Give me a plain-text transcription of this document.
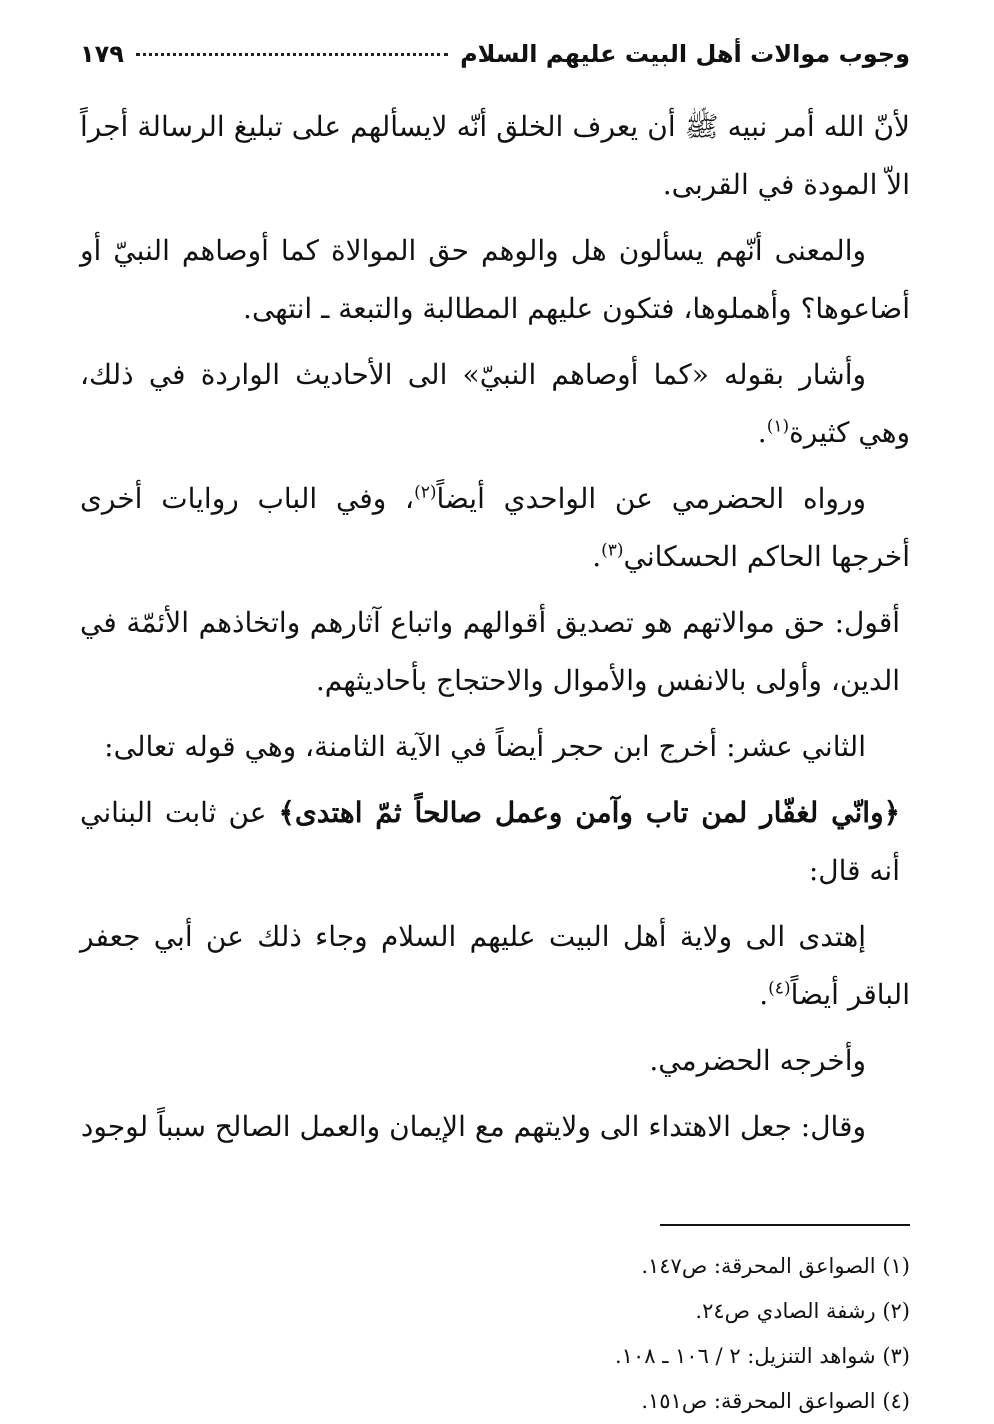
وجوب موالات أهل البيت عليهم السلام
١٧٩

لأنّ الله أمر نبيه ﷺ أن يعرف الخلق أنّه لايسألهم على تبليغ الرسالة أجراً الاّ المودة في القربى.

والمعنى أنّهم يسألون هل والوهم حق الموالاة كما أوصاهم النبيّ أو أضاعوها؟ وأهملوها، فتكون عليهم المطالبة والتبعة ـ انتهى.

وأشار بقوله «كما أوصاهم النبيّ» الى الأحاديث الواردة في ذلك، وهي كثيرة$^{(١)}$.

ورواه الحضرمي عن الواحدي أيضاً$^{(٢)}$، وفي الباب روايات أخرى أخرجها الحاكم الحسكاني$^{(٣)}$.

أقول: حق موالاتهم هو تصديق أقوالهم واتباع آثارهم واتخاذهم الأئمّة في الدين، وأولى بالانفس والأموال والاحتجاج بأحاديثهم.

الثاني عشر: أخرج ابن حجر أيضاً في الآية الثامنة، وهي قوله تعالى:

﴿وانّي لغفّار لمن تاب وآمن وعمل صالحاً ثمّ اهتدى﴾ عن ثابت البناني أنه قال:

إهتدى الى ولاية أهل البيت عليهم السلام وجاء ذلك عن أبي جعفر الباقر أيضاً$^{(٤)}$.

وأخرجه الحضرمي.

وقال: جعل الاهتداء الى ولايتهم مع الإيمان والعمل الصالح سبباً لوجود

(١) الصواعق المحرقة: ص١٤٧.

(٢) رشفة الصادي ص٢٤.

(٣) شواهد التنزيل: ٢ / ١٠٦ ـ ١٠٨.

(٤) الصواعق المحرقة: ص١٥١.
